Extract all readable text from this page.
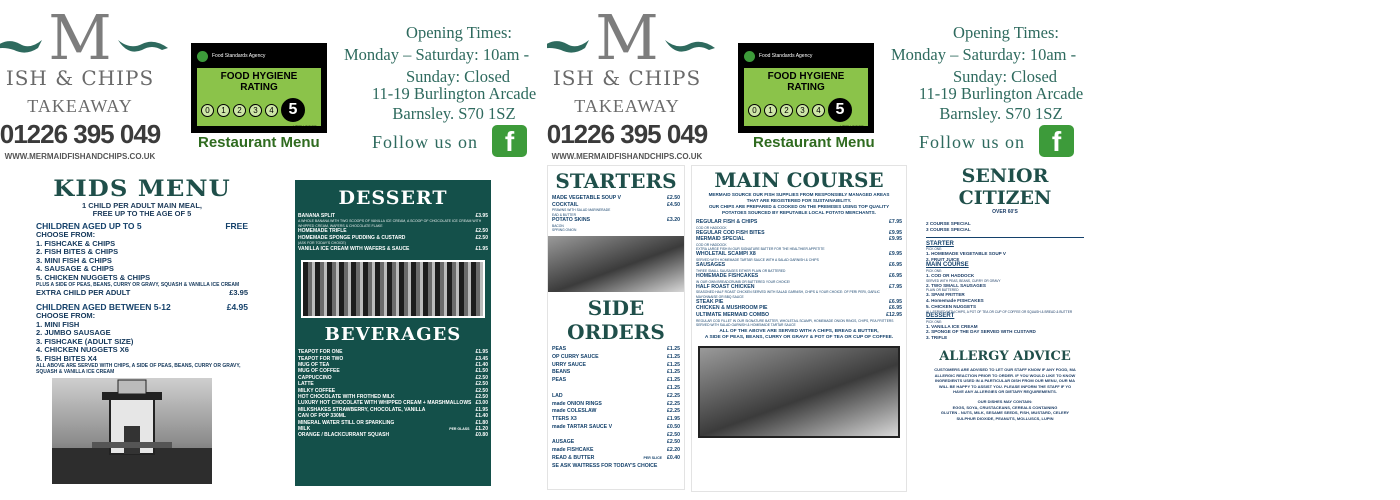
M
ISH & CHIPS
TAKEAWAY
01226 395 049
WWW.MERMAIDFISHANDCHIPS.CO.UK
Food Standards Agency
FOOD HYGIENE RATING
0	1	2	3	4 5
VERY GOOD
Restaurant Menu
Opening Times:
Monday – Saturday: 10am -
Sunday: Closed
11-19 Burlington Arcade
Barnsley. S70 1SZ
Follow us on f
KIDS MENU
1 CHILD PER ADULT MAIN MEAL,
FREE UP TO THE AGE OF 5
CHILDREN AGED UP TO 5	FREE
CHOOSE FROM:
1. FISHCAKE & CHIPS
2. FISH BITES & CHIPS
3. MINI FISH & CHIPS
4. SAUSAGE & CHIPS
5. CHICKEN NUGGETS & CHIPS
PLUS A SIDE OF PEAS, BEANS, CURRY OR GRAVY, SQUASH & VANILLA ICE CREAM
EXTRA CHILD PER ADULT	£3.95
CHILDREN AGED BETWEEN 5-12	£4.95
CHOOSE FROM:
1. MINI FISH
2. JUMBO SAUSAGE
3. FISHCAKE (ADULT SIZE)
4. CHICKEN NUGGETS X6
5. FISH BITES X4
ALL ABOVE ARE SERVED WITH CHIPS, A SIDE OF PEAS, BEANS, CURRY OR GRAVY, SQUASH & VANILLA ICE CREAM
DESSERT
BANANA SPLIT	£3.95
A WHOLE BANANA WITH TWO SCOOPS OF VANILLA ICE CREAM, A SCOOP OF CHOCOLATE ICE CREAM WITH WHIPPED CREAM, WAFERS & CHOCOLATE FLAKE
HOMEMADE TRIFLE	£2.50
HOMEMADE SPONGE PUDDING & CUSTARD	£2.50
(ASK FOR TODAY'S CHOICE)
VANILLA ICE CREAM WITH WAFERS & SAUCE	£1.95
BEVERAGES
TEAPOT FOR ONE	£1.95
TEAPOT FOR TWO	£3.45
MUG OF TEA	£1.40
MUG OF COFFEE	£1.50
CAPPUCCINO	£2.50
LATTE	£2.50
MILKY COFFEE	£2.50
HOT CHOCOLATE WITH FROTHED MILK	£2.50
LUXURY HOT CHOCOLATE WITH WHIPPED CREAM + MARSHMALLOWS £3.00
MILKSHAKES STRAWBERRY, CHOCOLATE, VANILLA	£1.95
CAN OF POP 330ML	£1.40
MINERAL WATER STILL OR SPARKLING	£1.80
MILK	PER GLASS £1.20
ORANGE / BLACKCURRANT SQUASH	£0.80
M
ISH & CHIPS
TAKEAWAY
01226 395 049
WWW.MERMAIDFISHANDCHIPS.CO.UK
Food Standards Agency
FOOD HYGIENE RATING
0	1	2	3	4 5
VERY GOOD
Restaurant Menu
Opening Times:
Monday – Saturday: 10am -
Sunday: Closed
11-19 Burlington Arcade
Barnsley. S70 1SZ
Follow us on f
STARTERS
MADE VEGETABLE SOUP V	£2.50
COCKTAIL	£4.50
PRAWNS WITH SALAD MARINERADE
EAD & BUTTER
POTATO SKINS	£3.20
BACON
SPRING ONION
SIDE ORDERS
PEAS	£1.25
OP CURRY SAUCE	£1.25
URRY SAUCE	£1.25
BEANS	£1.25
PEAS	£1.25
£1.25
LAD	£2.25
made ONION RINGS	£2.25
made COLESLAW	£2.25
TTERS X3	£1.95
made TARTAR SAUCE V	£0.50
£2.50
AUSAGE	£2.50
made FISHCAKE	£2.20
READ & BUTTER	PER SLICE £0.40
SE ASK WAITRESS FOR TODAY'S CHOICE
MAIN COURSE
MERMAID SOURCE OUR FISH SUPPLIES FROM RESPONSIBLY MANAGED AREAS
THAT ARE REGISTERED FOR SUSTAINABILITY.
OUR CHIPS ARE PREPARED & COOKED ON THE PREMISES USING TOP QUALITY
POTATOES SOURCED BY REPUTABLE LOCAL POTATO MERCHANTS.
REGULAR FISH & CHIPS	£7.95
COD OR HADDOCK
REGULAR COD FISH BITES	£9.95
MERMAID SPECIAL	£9.95
COD OR HADDOCK
EXTRA LARGE FISH IN OUR SIGNATURE BATTER FOR THE HEALTHIER APPETITE
WHOLETAIL SCAMPI X8	£9.95
SERVED WITH HOMEMADE TARTAR SAUCE WITH A SALAD GARNISH & CHIPS
SAUSAGES	£6.95
THREE SMALL SAUSAGES EITHER PLAIN OR BATTERED
HOMEMADE FISHCAKES	£6.95
IN OUR OWN BREADCRUMB OR BATTERED YOUR CHOICE!
HALF ROAST CHICKEN	£7.95
SEASONED HALF ROAST CHICKEN SERVED WITH SALAD GARNISH, CHIPS & YOUR CHOICE: OF PERI PERI, GARLIC MAYONNAISE OR BBQ SAUCE
STEAK PIE	£6.95
CHICKEN & MUSHROOM PIE	£6.95
ULTIMATE MERMAID COMBO	£12.95
REGULAR COD FILLET IN OUR SIGNATURE BATTER, WHOLETAIL SCAMPI, HOMEMADE ONION RINGS, CHIPS, PEA FRITTERS SERVED WITH SALAD GARNISH & HOMEMADE TARTAR SAUCE
ALL OF THE ABOVE ARE SERVED WITH A CHIPS, BREAD & BUTTER,
A SIDE OF PEAS, BEANS, CURRY OR GRAVY & POT OF TEA OR CUP OF COFFEE.
SENIOR CITIZEN
OVER 60'S
2 COURSE SPECIAL
3 COURSE SPECIAL
STARTER
PICK ONE:
1. HOMEMADE VEGETABLE SOUP V
2. FRUIT JUICE
MAIN COURSE
PICK ONE:
1. COD OR HADDOCK
SERVED WITH PEAS, BEANS, CURRY OR GRAVY
2. TWO SMALL SAUSAGES
PLAIN OR BATTERED
3. SPAM FRITTER
4. Homemade FISHCAKES
5. CHICKEN NUGGETS
ALL SERVED WITH CHIPS, A POT OF TEA OR CUP OF COFFEE OR SQUASH & BREAD & BUTTER
DESSERT
PICK ONE:
1. VANILLA ICE CREAM
2. SPONGE OF THE DAY SERVED WITH CUSTARD
3. TRIFLE
ALLERGY ADVICE
CUSTOMERS ARE ADVISED TO LET OUR STAFF KNOW IF ANY FOOD, MA
ALLERGIC REACTION PRIOR TO ORDER. IF YOU WOULD LIKE TO KNOW
INGREDIENTS USED IN A PARTICULAR DISH FROM OUR MENU, OUR MA
WILL BE HAPPY TO ASSIST YOU. PLEASE INFORM THE STAFF IF YO
HAVE ANY ALLERGIES OR DIETARY REQUIREMENTS.
OUR DISHES MAY CONTAIN:
EGGS, SOYA, CRUSTACEANS, CEREALS CONTAINING
GLUTEN - NUTS, MILK, SESAME SEEDS, FISH, MUSTARD, CELERY
SULPHUR DIOXIDE, PEANUTS, MOLLUSCS, LUPIN
